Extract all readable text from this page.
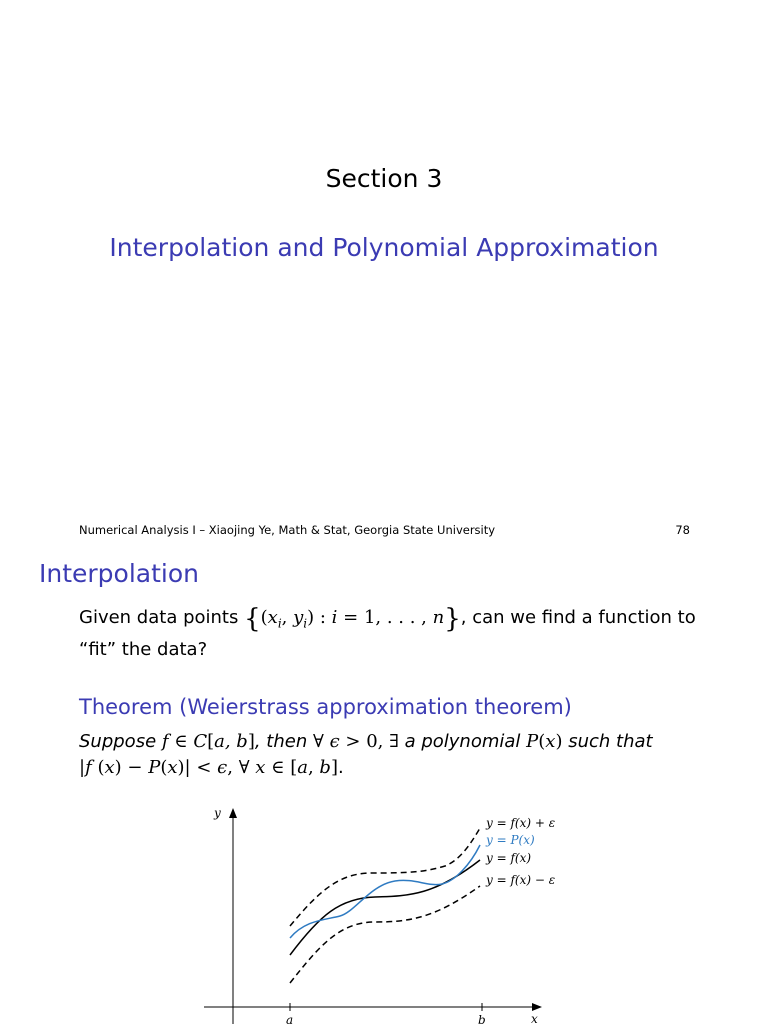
Section 3
Interpolation and Polynomial Approximation
Numerical Analysis I – Xiaojing Ye, Math & Stat, Georgia State University	78
Interpolation
Given data points {($x_i$, $y_i$) : i = 1, . . . , n}, can we find a function to “fit” the data?
Theorem (Weierstrass approximation theorem)
Suppose f ∈ C[a, b], then ∀ ϵ > 0, ∃ a polynomial P(x) such that
|f (x) − P(x)| < ϵ, ∀ x ∈ [a, b].
y
x
a	b
y = f(x) + ε
y = P(x)
y = f(x)
y = f(x) − ε
